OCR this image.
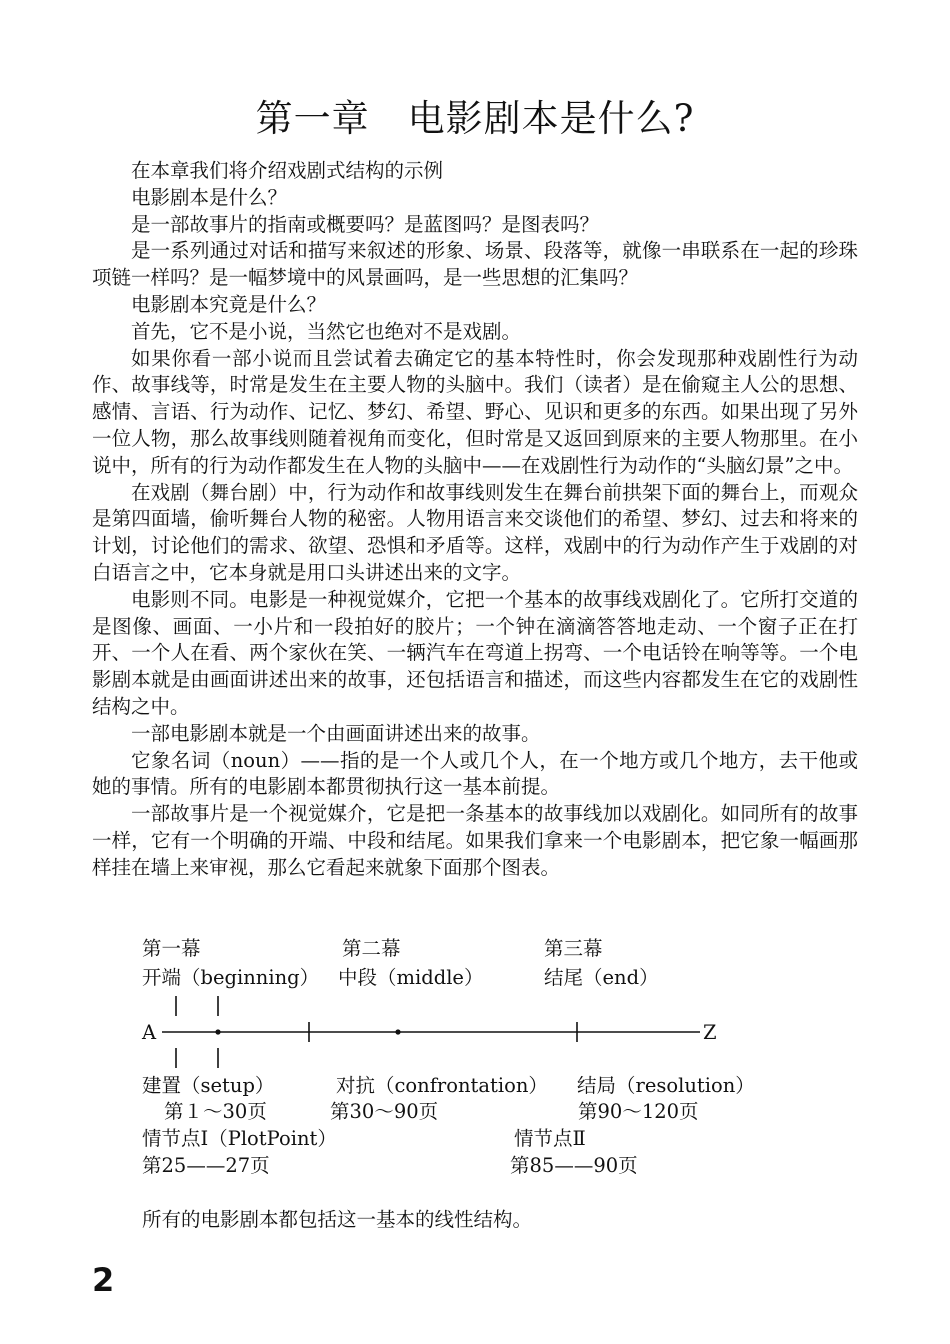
第一章　电影剧本是什么?

在本章我们将介绍戏剧式结构的示例

电影剧本是什么？

是一部故事片的指南或概要吗？是蓝图吗？是图表吗？

是一系列通过对话和描写来叙述的形象、场景、段落等，就像一串联系在一起的珍珠项链一样吗？是一幅梦境中的风景画吗，是一些思想的汇集吗？

电影剧本究竟是什么？

首先，它不是小说，当然它也绝对不是戏剧。

如果你看一部小说而且尝试着去确定它的基本特性时，你会发现那种戏剧性行为动作、故事线等，时常是发生在主要人物的头脑中。我们（读者）是在偷窥主人公的思想、感情、言语、行为动作、记忆、梦幻、希望、野心、见识和更多的东西。如果出现了另外一位人物，那么故事线则随着视角而变化，但时常是又返回到原来的主要人物那里。在小说中，所有的行为动作都发生在人物的头脑中——在戏剧性行为动作的“头脑幻景”之中。

在戏剧（舞台剧）中，行为动作和故事线则发生在舞台前拱架下面的舞台上，而观众是第四面墙，偷听舞台人物的秘密。人物用语言来交谈他们的希望、梦幻、过去和将来的计划，讨论他们的需求、欲望、恐惧和矛盾等。这样，戏剧中的行为动作产生于戏剧的对白语言之中，它本身就是用口头讲述出来的文字。

电影则不同。电影是一种视觉媒介，它把一个基本的故事线戏剧化了。它所打交道的是图像、画面、一小片和一段拍好的胶片；一个钟在滴滴答答地走动、一个窗子正在打开、一个人在看、两个家伙在笑、一辆汽车在弯道上拐弯、一个电话铃在响等等。一个电影剧本就是由画面讲述出来的故事，还包括语言和描述，而这些内容都发生在它的戏剧性结构之中。

一部电影剧本就是一个由画面讲述出来的故事。

它象名词（noun）——指的是一个人或几个人，在一个地方或几个地方，去干他或她的事情。所有的电影剧本都贯彻执行这一基本前提。

一部故事片是一个视觉媒介，它是把一条基本的故事线加以戏剧化。如同所有的故事一样，它有一个明确的开端、中段和结尾。如果我们拿来一个电影剧本，把它象一幅画那样挂在墙上来审视，那么它看起来就象下面那个图表。

第一幕	第二幕	第三幕
开端（beginning） 中段（middle）	结尾（end）
A	Z
建置（setup）	对抗（confrontation） 结局（resolution）
第１～30页	第30～90页	第90～120页
情节点Ⅰ（PlotPoint）	情节点Ⅱ
第25——27页	第85——90页
所有的电影剧本都包括这一基本的线性结构。
2
